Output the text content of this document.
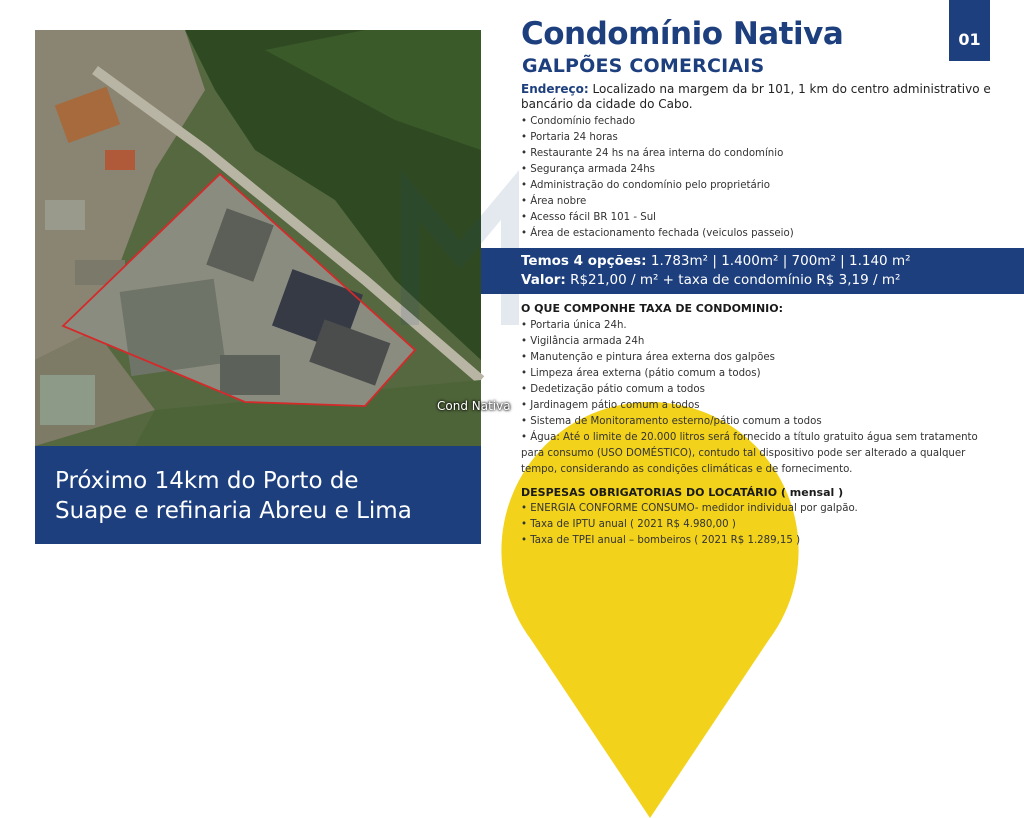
Cond Nativa

Próximo 14km do Porto de

Suape e refinaria Abreu e Lima

Condomínio Nativa
GALPÕES COMERCIAIS
01
Endereço: Localizado na margem da br 101, 1 km do centro administrativo e bancário da cidade do Cabo.
• Condomínio fechado
• Portaria 24 horas
• Restaurante 24 hs na área interna do condomínio
• Segurança armada 24hs
• Administração do condomínio pelo proprietário
• Área nobre
• Acesso fácil BR 101 - Sul
• Área de estacionamento fechada (veiculos passeio)
Temos 4 opções: 1.783m² | 1.400m² | 700m² | 1.140 m²
Valor: R$21,00 / m² + taxa de condomínio R$ 3,19 / m²
O QUE COMPONHE TAXA DE CONDOMINIO:
• Portaria única 24h.
• Vigilância armada 24h
• Manutenção e pintura área externa dos galpões
• Limpeza área externa (pátio comum a todos)
• Dedetização pátio comum a todos
• Jardinagem pátio comum a todos
• Sistema de Monitoramento esterno/pátio comum a todos
• Água: Até o limite de 20.000 litros será fornecido a título gratuito água sem tratamento para consumo (USO DOMÉSTICO), contudo tal dispositivo pode ser alterado a qualquer tempo, considerando as condições climáticas e de fornecimento.
DESPESAS OBRIGATORIAS DO LOCATÁRIO ( mensal )
• ENERGIA CONFORME CONSUMO- medidor individual por galpão.
• Taxa de IPTU anual ( 2021 R$ 4.980,00 )
• Taxa de TPEI anual – bombeiros ( 2021 R$ 1.289,15 )
